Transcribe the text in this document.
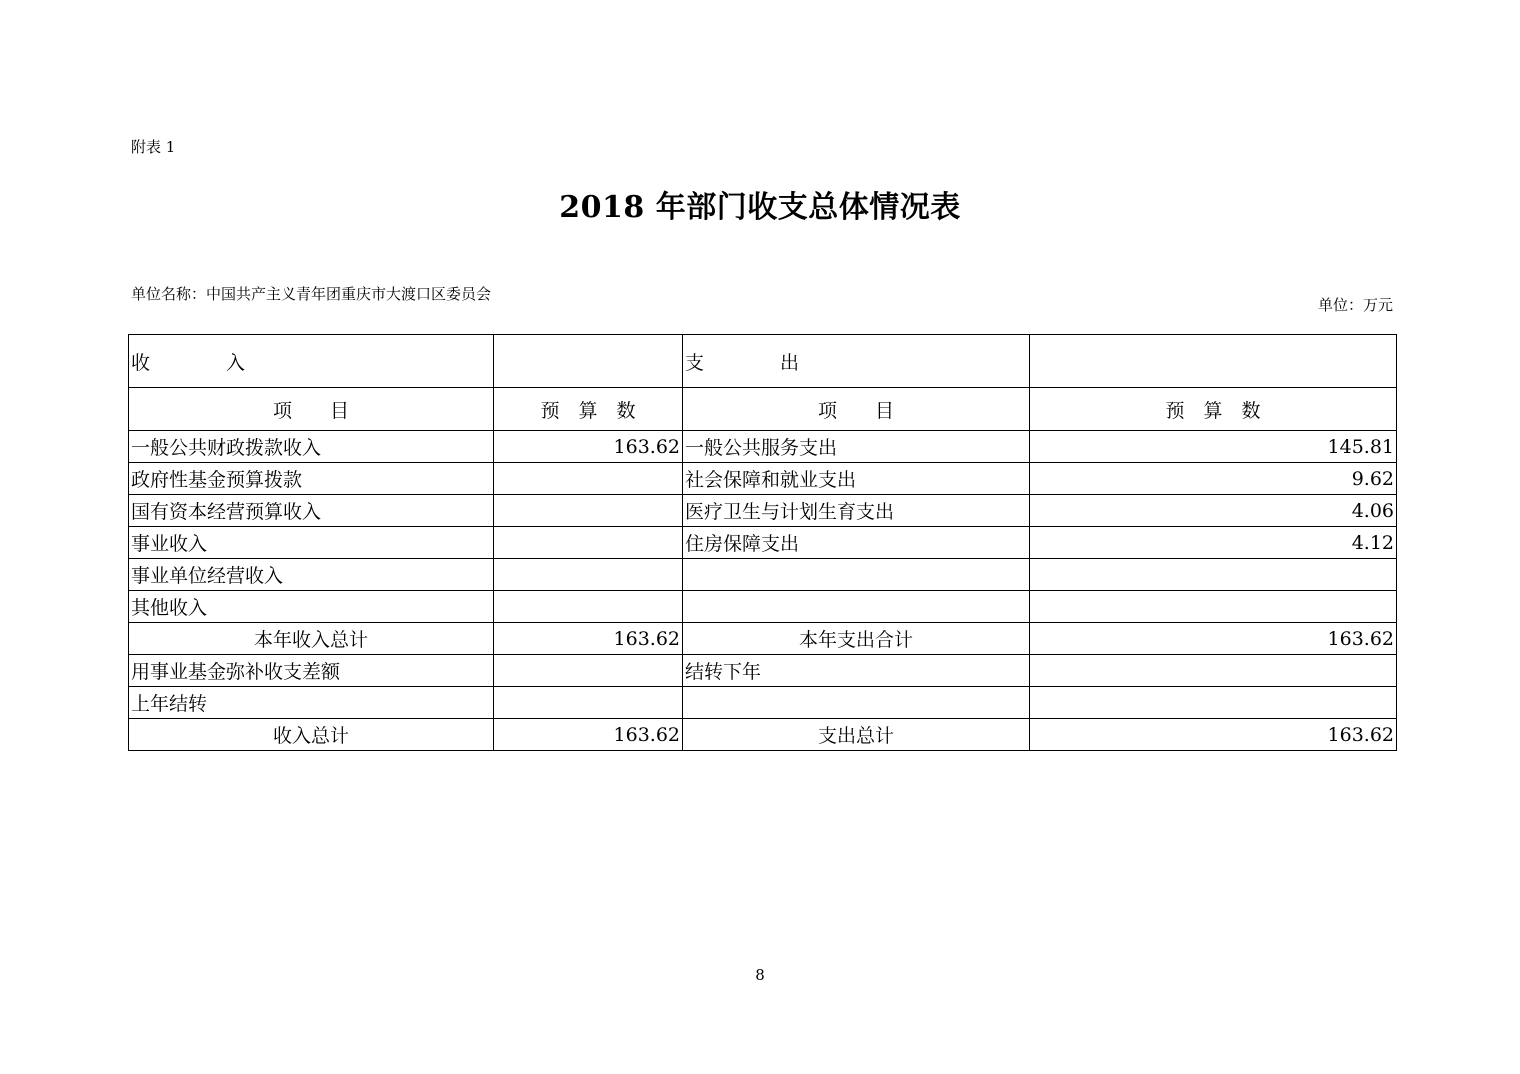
附表 1
2018 年部门收支总体情况表
单位名称：中国共产主义青年团重庆市大渡口区委员会
单位：万元
收　　　　入		支　　　　出	
项　　目	预　算　数	项　　目	预　算　数
一般公共财政拨款收入	163.62	一般公共服务支出	145.81
政府性基金预算拨款		社会保障和就业支出	9.62
国有资本经营预算收入		医疗卫生与计划生育支出	4.06
事业收入		住房保障支出	4.12
事业单位经营收入			
其他收入			
本年收入总计	163.62	本年支出合计	163.62
用事业基金弥补收支差额		结转下年	
上年结转			
收入总计	163.62	支出总计	163.62
8
